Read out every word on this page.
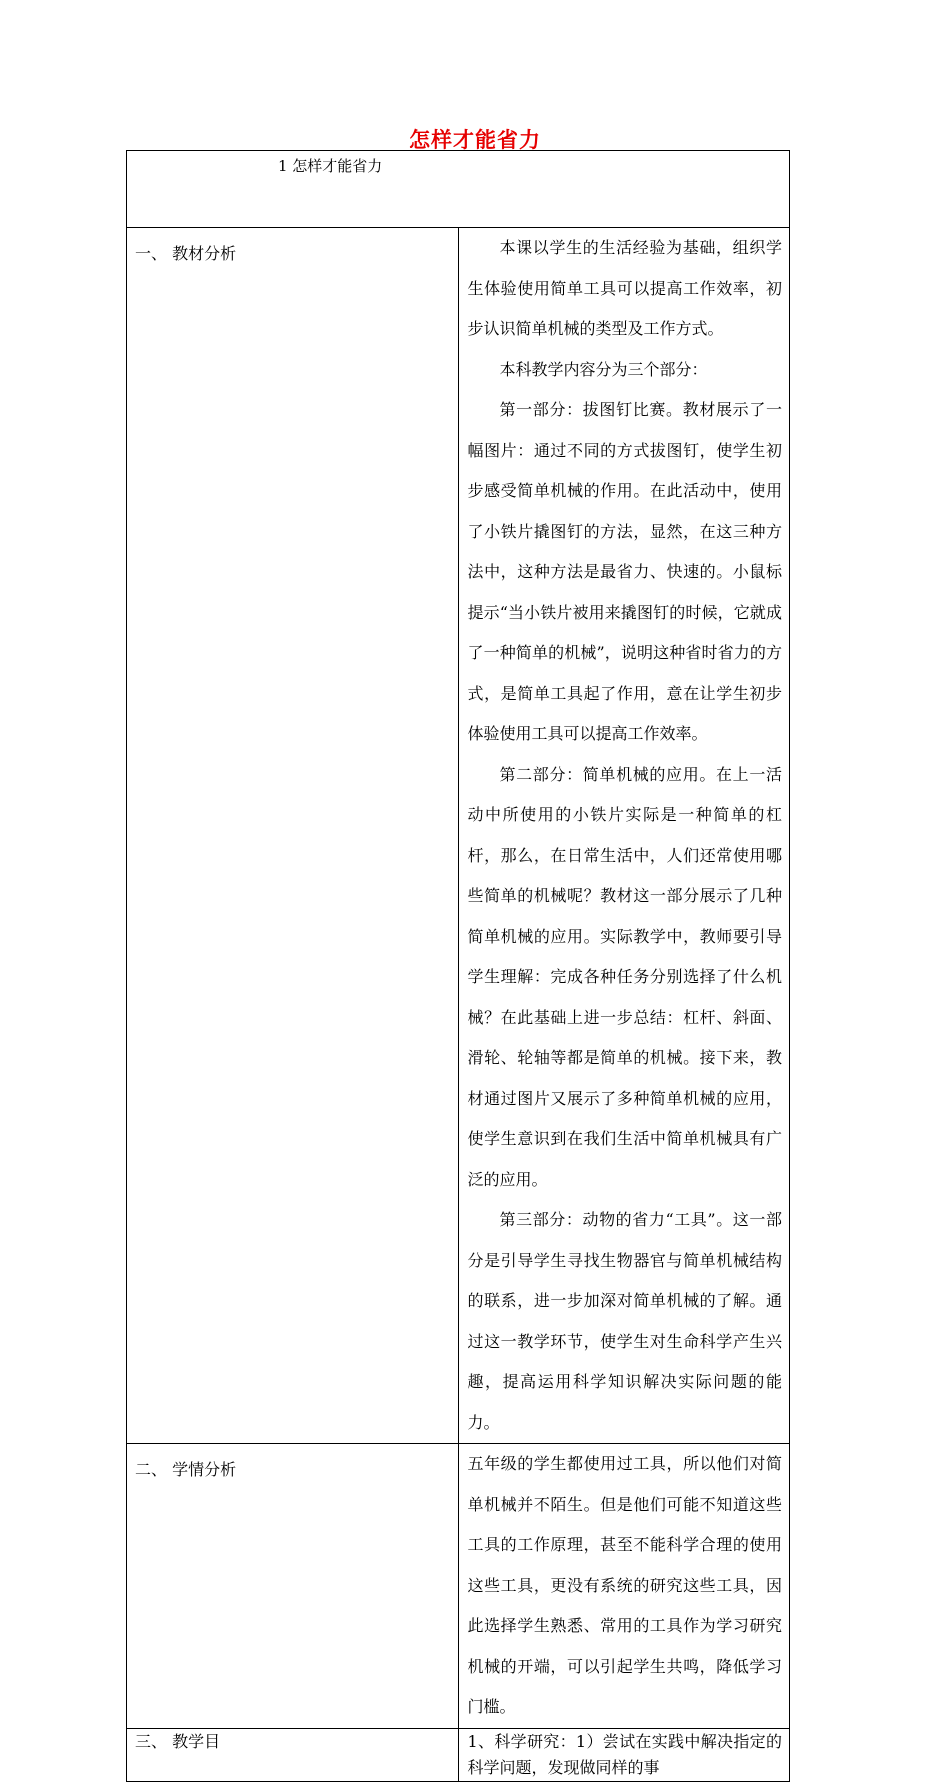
怎样才能省力
1 怎样才能省力	

一、 教材分析	本课以学生的生活经验为基础，组织学生体验使用简单工具可以提高工作效率，初步认识简单机械的类型及工作方式。

本科教学内容分为三个部分：

第一部分：拔图钉比赛。教材展示了一幅图片：通过不同的方式拔图钉，使学生初步感受简单机械的作用。在此活动中，使用了小铁片撬图钉的方法，显然，在这三种方法中，这种方法是最省力、快速的。小鼠标提示“当小铁片被用来撬图钉的时候，它就成了一种简单的机械”，说明这种省时省力的方式，是简单工具起了作用，意在让学生初步体验使用工具可以提高工作效率。

第二部分：简单机械的应用。在上一活动中所使用的小铁片实际是一种简单的杠杆，那么，在日常生活中，人们还常使用哪些简单的机械呢？教材这一部分展示了几种简单机械的应用。实际教学中，教师要引导学生理解：完成各种任务分别选择了什么机械？在此基础上进一步总结：杠杆、斜面、滑轮、轮轴等都是简单的机械。接下来，教材通过图片又展示了多种简单机械的应用，使学生意识到在我们生活中简单机械具有广泛的应用。

第三部分：动物的省力“工具”。这一部分是引导学生寻找生物器官与简单机械结构的联系，进一步加深对简单机械的了解。通过这一教学环节，使学生对生命科学产生兴趣，提高运用科学知识解决实际问题的能力。

二、 学情分析	五年级的学生都使用过工具，所以他们对简单机械并不陌生。但是他们可能不知道这些工具的工作原理，甚至不能科学合理的使用这些工具，更没有系统的研究这些工具，因此选择学生熟悉、常用的工具作为学习研究机械的开端，可以引起学生共鸣，降低学习门槛。

三、 教学目	1、科学研究：1）尝试在实践中解决指定的科学问题，发现做同样的事
